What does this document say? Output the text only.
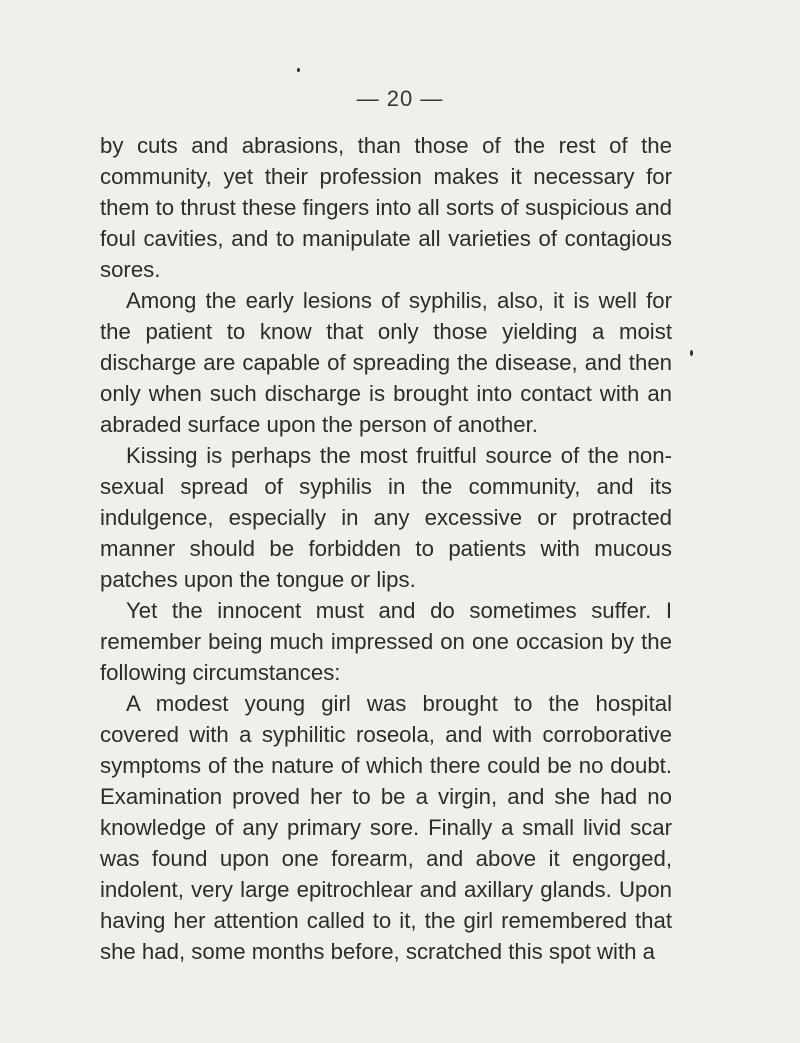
— 20 —

by cuts and abrasions, than those of the rest of the community, yet their profession makes it necessary for them to thrust these fingers into all sorts of suspicious and foul cavities, and to manipulate all varieties of contagious sores.

Among the early lesions of syphilis, also, it is well for the patient to know that only those yielding a moist discharge are capable of spreading the disease, and then only when such discharge is brought into contact with an abraded surface upon the person of another.

Kissing is perhaps the most fruitful source of the non-sexual spread of syphilis in the community, and its indulgence, especially in any excessive or protracted manner should be forbidden to patients with mucous patches upon the tongue or lips.

Yet the innocent must and do sometimes suffer. I remember being much impressed on one occasion by the following circumstances:

A modest young girl was brought to the hospital covered with a syphilitic roseola, and with corroborative symptoms of the nature of which there could be no doubt. Examination proved her to be a virgin, and she had no knowledge of any primary sore. Finally a small livid scar was found upon one forearm, and above it engorged, indolent, very large epitrochlear and axillary glands. Upon having her attention called to it, the girl remembered that she had, some months before, scratched this spot with a
